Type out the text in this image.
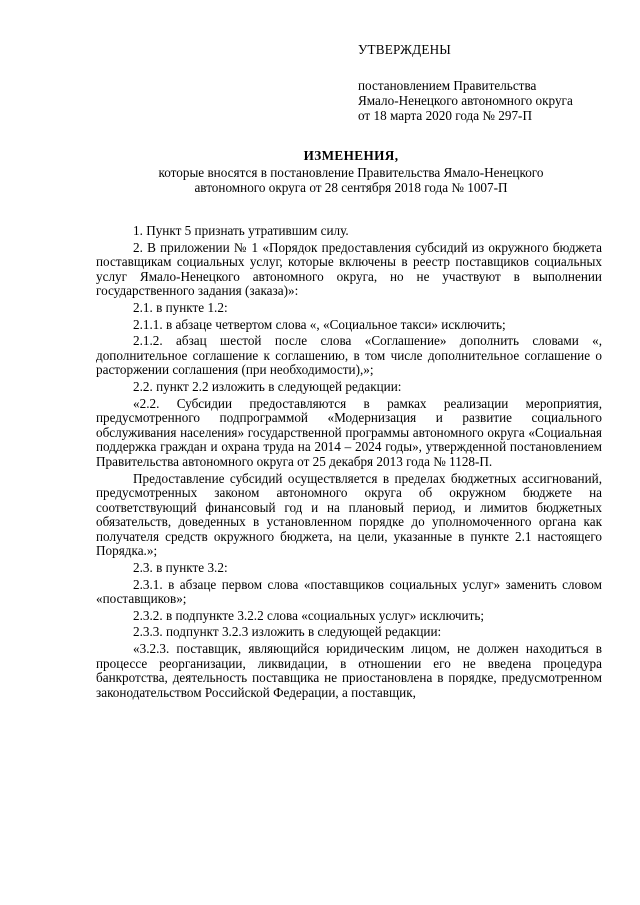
УТВЕРЖДЕНЫ
постановлением Правительства
Ямало-Ненецкого автономного округа
от 18 марта 2020 года № 297-П
ИЗМЕНЕНИЯ,
которые вносятся в постановление Правительства Ямало-Ненецкого
автономного округа от 28 сентября 2018 года № 1007-П

1. Пункт 5 признать утратившим силу.

2. В приложении № 1 «Порядок предоставления субсидий из окружного бюджета поставщикам социальных услуг, которые включены в реестр поставщиков социальных услуг Ямало-Ненецкого автономного округа, но не участвуют в выполнении государственного задания (заказа)»:

2.1. в пункте 1.2:

2.1.1. в абзаце четвертом слова «, «Социальное такси» исключить;

2.1.2. абзац шестой после слова «Соглашение» дополнить словами «, дополнительное соглашение к соглашению, в том числе дополнительное соглашение о расторжении соглашения (при необходимости),»;

2.2. пункт 2.2 изложить в следующей редакции:

«2.2. Субсидии предоставляются в рамках реализации мероприятия, предусмотренного подпрограммой «Модернизация и развитие социального обслуживания населения» государственной программы автономного округа «Социальная поддержка граждан и охрана труда на 2014 – 2024 годы», утвержденной постановлением Правительства автономного округа от 25 декабря 2013 года № 1128-П.

Предоставление субсидий осуществляется в пределах бюджетных ассигнований, предусмотренных законом автономного округа об окружном бюджете на соответствующий финансовый год и на плановый период, и лимитов бюджетных обязательств, доведенных в установленном порядке до уполномоченного органа как получателя средств окружного бюджета, на цели, указанные в пункте 2.1 настоящего Порядка.»;

2.3. в пункте 3.2:

2.3.1. в абзаце первом слова «поставщиков социальных услуг» заменить словом «поставщиков»;

2.3.2. в подпункте 3.2.2 слова «социальных услуг» исключить;

2.3.3. подпункт 3.2.3 изложить в следующей редакции:

«3.2.3. поставщик, являющийся юридическим лицом, не должен находиться в процессе реорганизации, ликвидации, в отношении его не введена процедура банкротства, деятельность поставщика не приостановлена в порядке, предусмотренном законодательством Российской Федерации, а поставщик,
